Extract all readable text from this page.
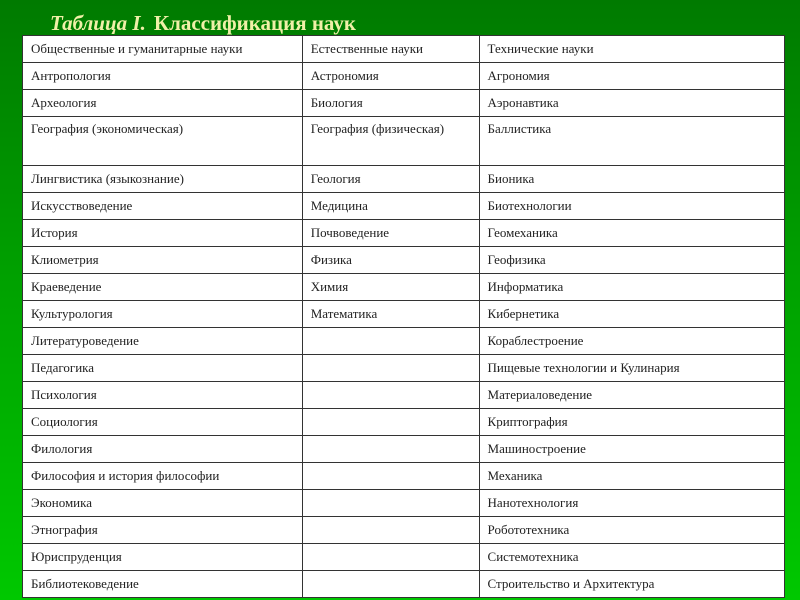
Таблица I. Классификация наук
Общественные и гуманитарные науки	Естественные науки	Технические науки
Антропология	Астрономия	Агрономия
Археология	Биология	Аэронавтика
География (экономическая)	География (физическая)	Баллистика
Лингвистика (языкознание)	Геология	Бионика
Искусствоведение	Медицина	Биотехнологии
История	Почвоведение	Геомеханика
Клиометрия	Физика	Геофизика
Краеведение	Химия	Информатика
Культурология	Математика	Кибернетика
Литературоведение		Кораблестроение
Педагогика		Пищевые технологии и Кулинария
Психология		Материаловедение
Социология		Криптография
Филология		Машиностроение
Философия и история философии		Механика
Экономика		Нанотехнология
Этнография		Робототехника
Юриспруденция		Системотехника
Библиотековедение		Строительство и Архитектура
